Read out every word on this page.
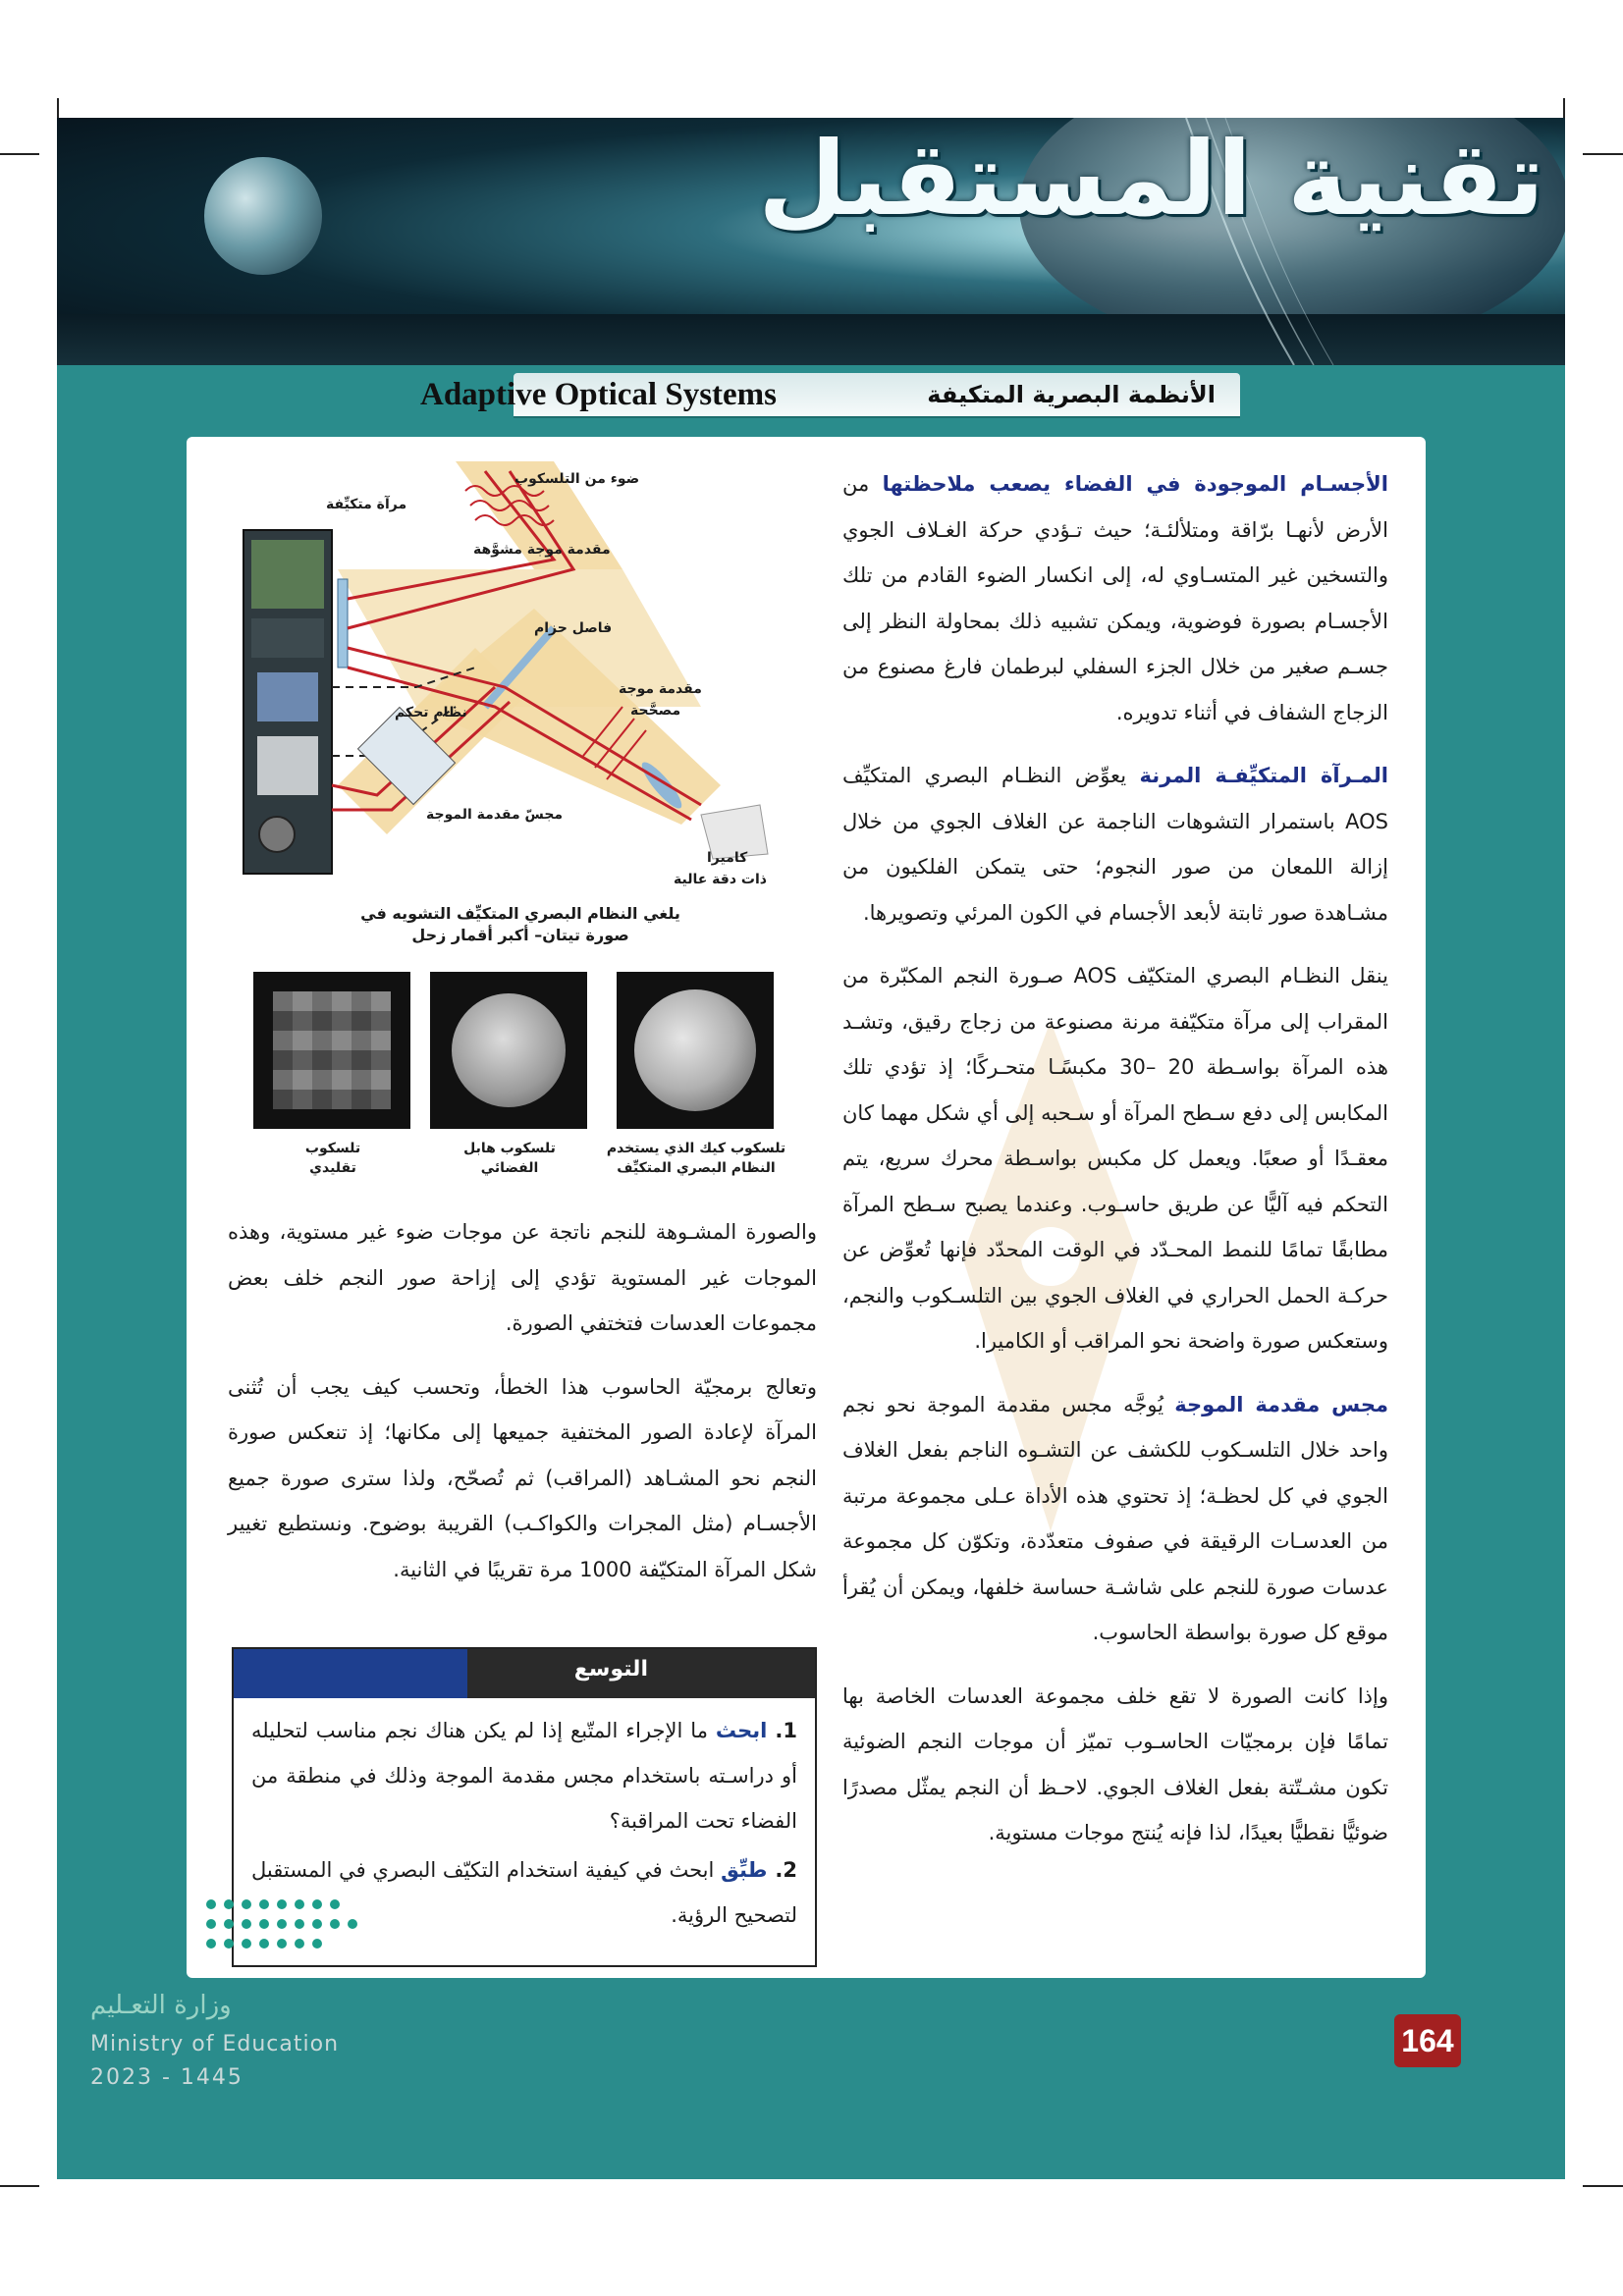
تقنية المستقبل
الأنظمة البصرية المتكيفة
Adaptive Optical Systems
ضوء من التلسكوب
مرآة متكيِّفة
مقدمة موجة مشوَّهة
فاصل حزام
نظام تحكم
مقدمة موجة
مصحَّحة
مجسّ مقدمة الموجة
كاميرا
ذات دقة عالية
يلغي النظام البصري المتكيِّف التشويه في
صورة تيتان– أكبر أقمار زحل
تلسكوب
تقليدي
تلسكوب هابل
الفضائي
تلسكوب كيك الذي يستخدم
النظام البصري المتكيِّف

الأجسـام الموجودة في الفضاء يصعب ملاحظتها من الأرض لأنهـا برّاقة ومتلألئـة؛ حيث تـؤدي حركة الغـلاف الجوي والتسخين غير المتسـاوي له، إلى انكسار الضوء القادم من تلك الأجسـام بصورة فوضوية، ويمكن تشبيه ذلك بمحاولة النظر إلى جسـم صغير من خلال الجزء السفلي لبرطمان فارغ مصنوع من الزجاج الشفاف في أثناء تدويره.

المـرآة المتكيِّفـة المرنة يعوِّض النظـام البصري المتكيِّف AOS باستمرار التشوهات الناجمة عن الغلاف الجوي من خلال إزالة اللمعان من صور النجوم؛ حتى يتمكن الفلكيون من مشـاهدة صور ثابتة لأبعد الأجسام في الكون المرئي وتصويرها.

ينقل النظـام البصري المتكيّف AOS صـورة النجم المكبّرة من المقراب إلى مرآة متكيّفة مرنة مصنوعة من زجاج رقيق، وتشـد هذه المرآة بواسـطة 20 –30 مكبسًـا متحـركًا؛ إذ تؤدي تلك المكابس إلى دفع سـطح المرآة أو سـحبه إلى أي شكل مهما كان معقـدًا أو صعبًا. ويعمل كل مكبس بواسـطة محرك سريع، يتم التحكم فيه آليًّا عن طريق حاسـوب. وعندما يصبح سـطح المرآة مطابقًا تمامًا للنمط المحـدّد في الوقت المحدّد فإنها تُعوِّض عن حركـة الحمل الحراري في الغلاف الجوي بين التلسـكوب والنجم، وستعكس صورة واضحة نحو المراقب أو الكاميرا.

مجس مقدمة الموجة يُوجَّه مجس مقدمة الموجة نحو نجم واحد خلال التلسـكوب للكشف عن التشـوه الناجم بفعل الغلاف الجوي في كل لحظـة؛ إذ تحتوي هذه الأداة عـلى مجموعة مرتبة من العدسـات الرقيقة في صفوف متعدّدة، وتكوّن كل مجموعة عدسات صورة للنجم على شاشـة حساسة خلفها، ويمكن أن يُقرأ موقع كل صورة بواسطة الحاسوب.

وإذا كانت الصورة لا تقع خلف مجموعة العدسات الخاصة بها تمامًا فإن برمجيّات الحاسـوب تميّز أن موجات النجم الضوئية تكون مشـتّتة بفعل الغلاف الجوي. لاحـظ أن النجم يمثّل مصدرًا ضوئيًّا نقطيًّا بعيدًا، لذا فإنه يُنتج موجات مستوية.

والصورة المشـوهة للنجم ناتجة عن موجات ضوء غير مستوية، وهذه الموجات غير المستوية تؤدي إلى إزاحة صور النجم خلف بعض مجموعات العدسات فتختفي الصورة.

وتعالج برمجيّة الحاسوب هذا الخطأ، وتحسب كيف يجب أن تُثنى المرآة لإعادة الصور المختفية جميعها إلى مكانها؛ إذ تنعكس صورة النجم نحو المشـاهد (المراقب) ثم تُصحّح، ولذا سترى صورة جميع الأجسـام (مثل المجرات والكواكـب) القريبة بوضوح. ونستطيع تغيير شكل المرآة المتكيّفة 1000 مرة تقريبًا في الثانية.

التوسع
1.ابحث ما الإجراء المتّبع إذا لم يكن هناك نجم مناسب لتحليله أو دراسـته باستخدام مجس مقدمة الموجة وذلك في منطقة من الفضاء تحت المراقبة؟
2.طبِّق ابحث في كيفية استخدام التكيّف البصري في المستقبل لتصحيح الرؤية.
وزارة التعـليم
Ministry of Education
2023 - 1445
164
